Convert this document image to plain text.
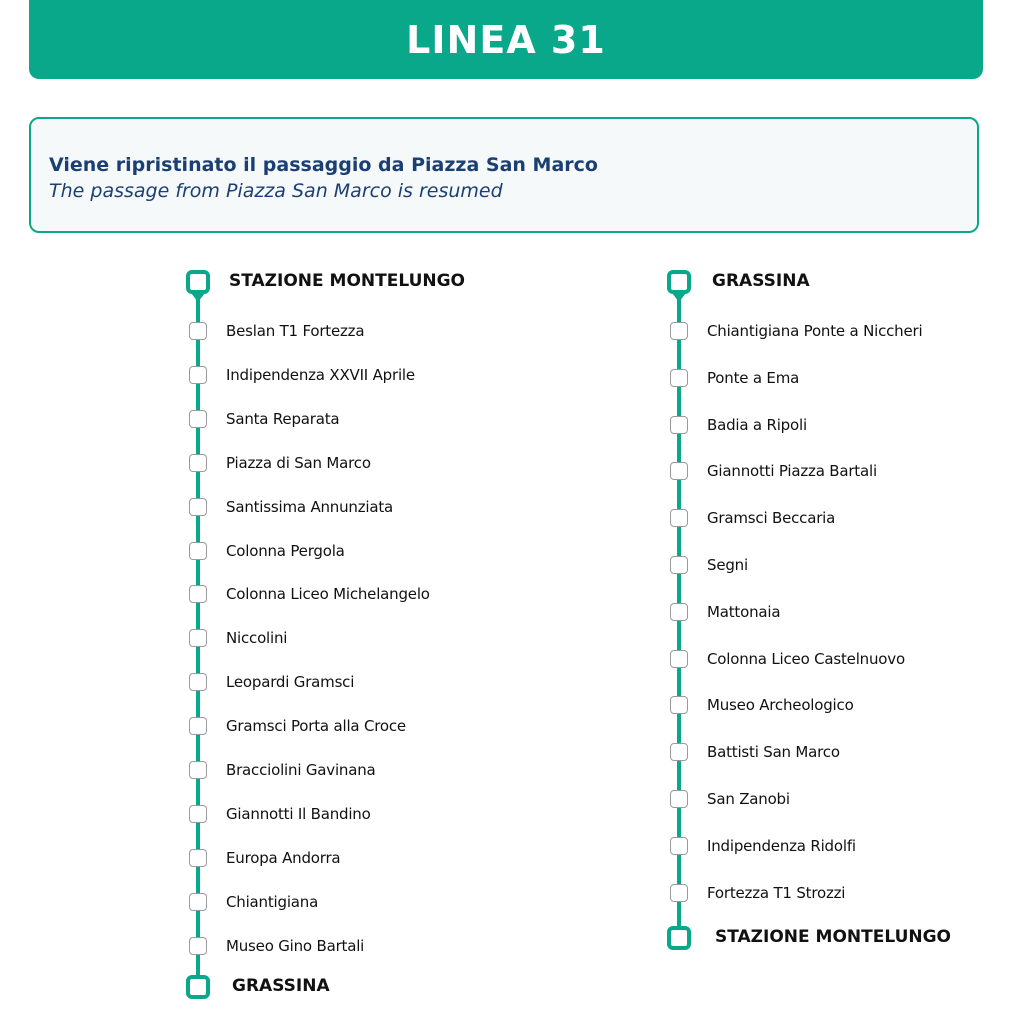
LINEA 31
Viene ripristinato il passaggio da Piazza San Marco
The passage from Piazza San Marco is resumed
STAZIONE MONTELUNGO
Beslan T1 Fortezza
Indipendenza XXVII Aprile
Santa Reparata
Piazza di San Marco
Santissima Annunziata
Colonna Pergola
Colonna Liceo Michelangelo
Niccolini
Leopardi Gramsci
Gramsci Porta alla Croce
Bracciolini Gavinana
Giannotti Il Bandino
Europa Andorra
Chiantigiana
Museo Gino Bartali
GRASSINA
GRASSINA
Chiantigiana Ponte a Niccheri
Ponte a Ema
Badia a Ripoli
Giannotti Piazza Bartali
Gramsci Beccaria
Segni
Mattonaia
Colonna Liceo Castelnuovo
Museo Archeologico
Battisti San Marco
San Zanobi
Indipendenza Ridolfi
Fortezza T1 Strozzi
STAZIONE MONTELUNGO
